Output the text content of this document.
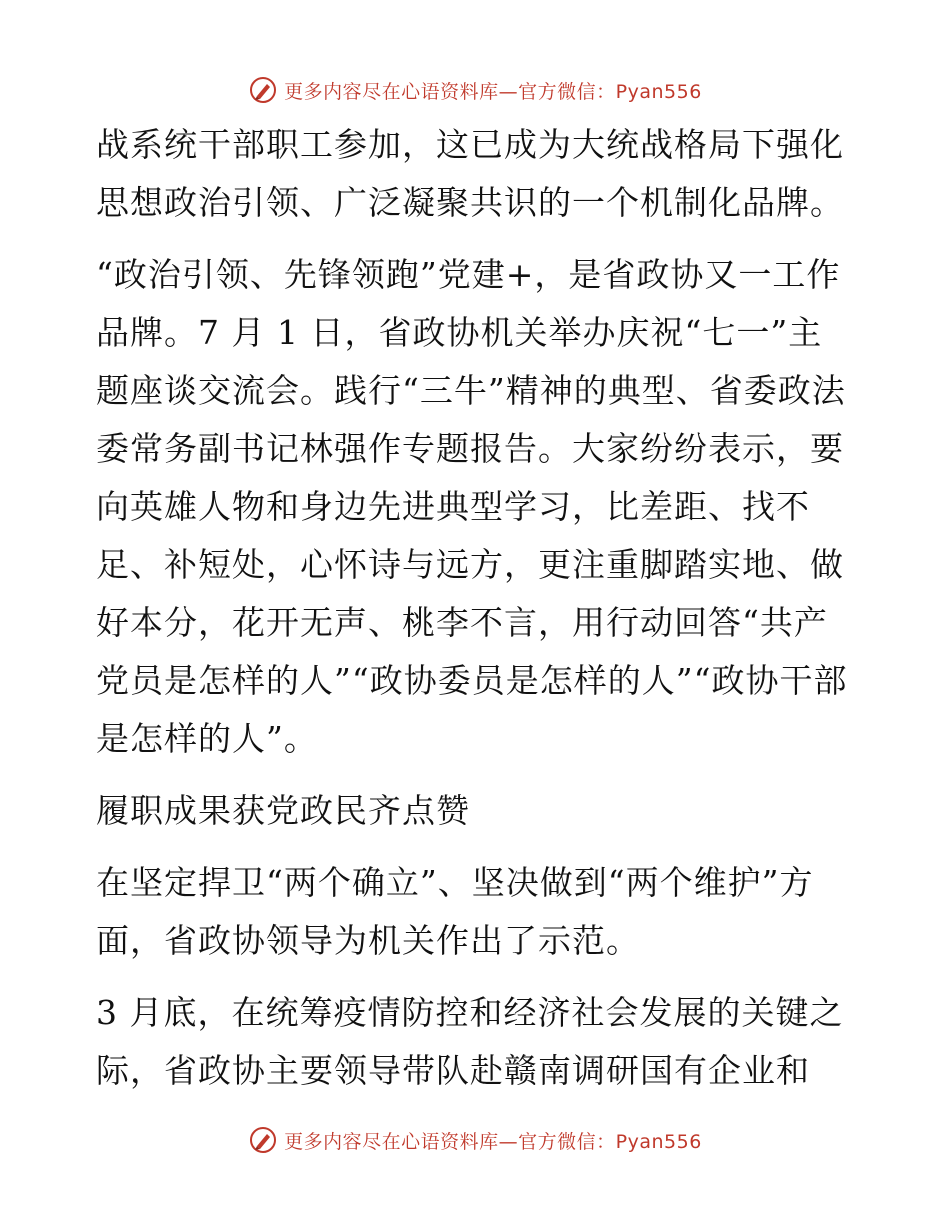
更多内容尽在心语资料库—官方微信：Pyan556

战系统干部职工参加，这已成为大统战格局下强化思想政治引领、广泛凝聚共识的一个机制化品牌。

“政治引领、先锋领跑”党建+，是省政协又一工作品牌。7 月 1 日，省政协机关举办庆祝“七一”主题座谈交流会。践行“三牛”精神的典型、省委政法委常务副书记林强作专题报告。大家纷纷表示，要向英雄人物和身边先进典型学习，比差距、找不足、补短处，心怀诗与远方，更注重脚踏实地、做好本分，花开无声、桃李不言，用行动回答“共产党员是怎样的人”“政协委员是怎样的人”“政协干部是怎样的人”。

履职成果获党政民齐点赞

在坚定捍卫“两个确立”、坚决做到“两个维护”方面，省政协领导为机关作出了示范。

3 月底，在统筹疫情防控和经济社会发展的关键之际，省政协主要领导带队赴赣南调研国有企业和

更多内容尽在心语资料库—官方微信：Pyan556
